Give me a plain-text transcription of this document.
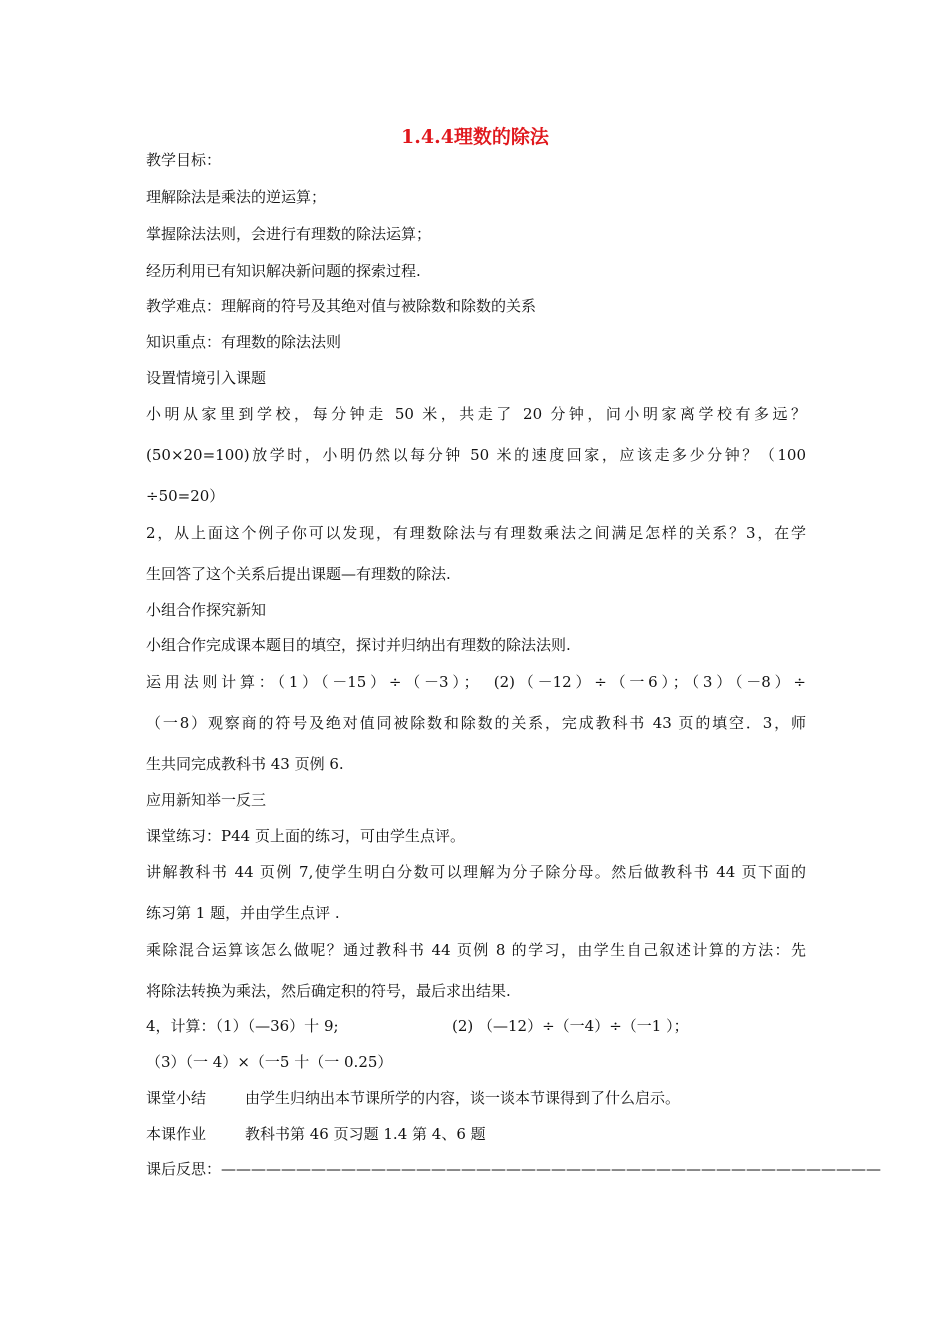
1.4.4理数的除法
教学目标：
理解除法是乘法的逆运算；
掌握除法法则，会进行有理数的除法运算；
经历利用已有知识解决新问题的探索过程.
教学难点：理解商的符号及其绝对值与被除数和除数的关系
知识重点：有理数的除法法则
设置情境引入课题
小明从家里到学校，每分钟走 50 米，共走了 20 分钟，问小明家离学校有多远？
(50×20=100)放学时，小明仍然以每分钟 50 米的速度回家，应该走多少分钟？（100
÷50=20）
2，从上面这个例子你可以发现，有理数除法与有理数乘法之间满足怎样的关系？3，在学
生回答了这个关系后提出课题—有理数的除法.
小组合作探究新知
小组合作完成课本题目的填空，探讨并归纳出有理数的除法法则.
运用法则计算：（1）（－15）÷（－3）；　(2)（－12）÷（一6）；（3）（－8）÷
（一8）观察商的符号及绝对值同被除数和除数的关系，完成教科书 43 页的填空．3，师
生共同完成教科书 43 页例 6.
应用新知举一反三
课堂练习：P44 页上面的练习，可由学生点评。
讲解教科书 44 页例 7,使学生明白分数可以理解为分子除分母。然后做教科书 44 页下面的
练习第 1 题，并由学生点评 .
乘除混合运算该怎么做呢？通过教科书 44 页例 8 的学习，由学生自己叙述计算的方法：先
将除法转换为乘法，然后确定积的符号，最后求出结果.
4，计算：（1）（—36）十 9;	(2) （—12）÷（一4）÷（一1 ）；
（3）（一 4）×（一5 十（一 0.25）
课堂小结	由学生归纳出本节课所学的内容，谈一谈本节课得到了什么启示。
本课作业	教科书第 46 页习题 1.4 第 4、6 题
课后反思：————————————————————————————————————————————
